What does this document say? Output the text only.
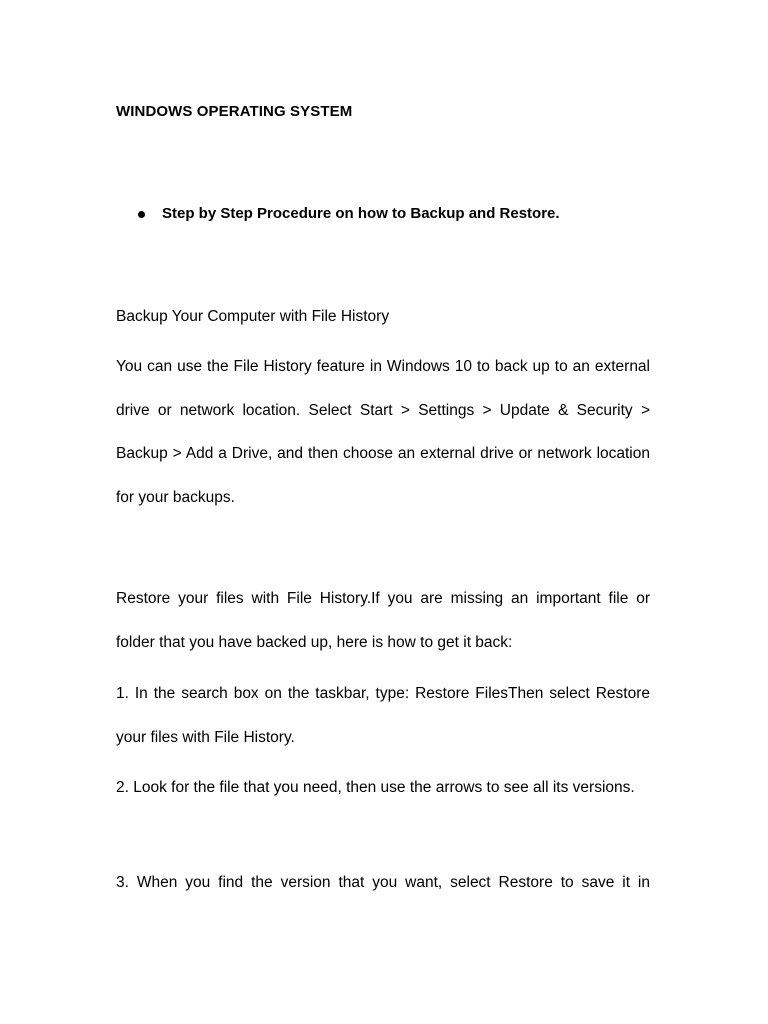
WINDOWS OPERATING SYSTEM
Step by Step Procedure on how to Backup and Restore.
Backup Your Computer with File History
You can use the File History feature in Windows 10 to back up to an external drive or network location. Select Start > Settings > Update & Security > Backup > Add a Drive, and then choose an external drive or network location for your backups.
Restore your files with File History.If you are missing an important file or folder that you have backed up, here is how to get it back:
1. In the search box on the taskbar, type: Restore FilesThen select Restore your files with File History.
2. Look for the file that you need, then use the arrows to see all its versions.
3. When you find the version that you want, select Restore to save it in
